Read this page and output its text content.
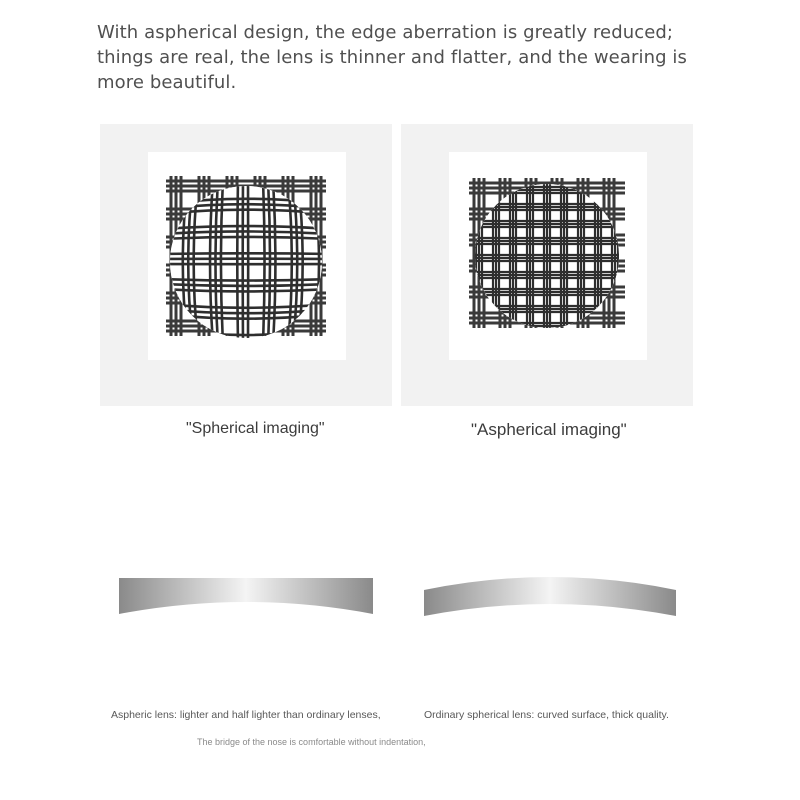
With aspherical design, the edge aberration is greatly reduced; things are real, the lens is thinner and flatter, and the wearing is more beautiful.
"Spherical imaging"	"Aspherical imaging"
Aspheric lens: lighter and half lighter than ordinary lenses,	Ordinary spherical lens: curved surface, thick quality.
The bridge of the nose is comfortable without indentation,
